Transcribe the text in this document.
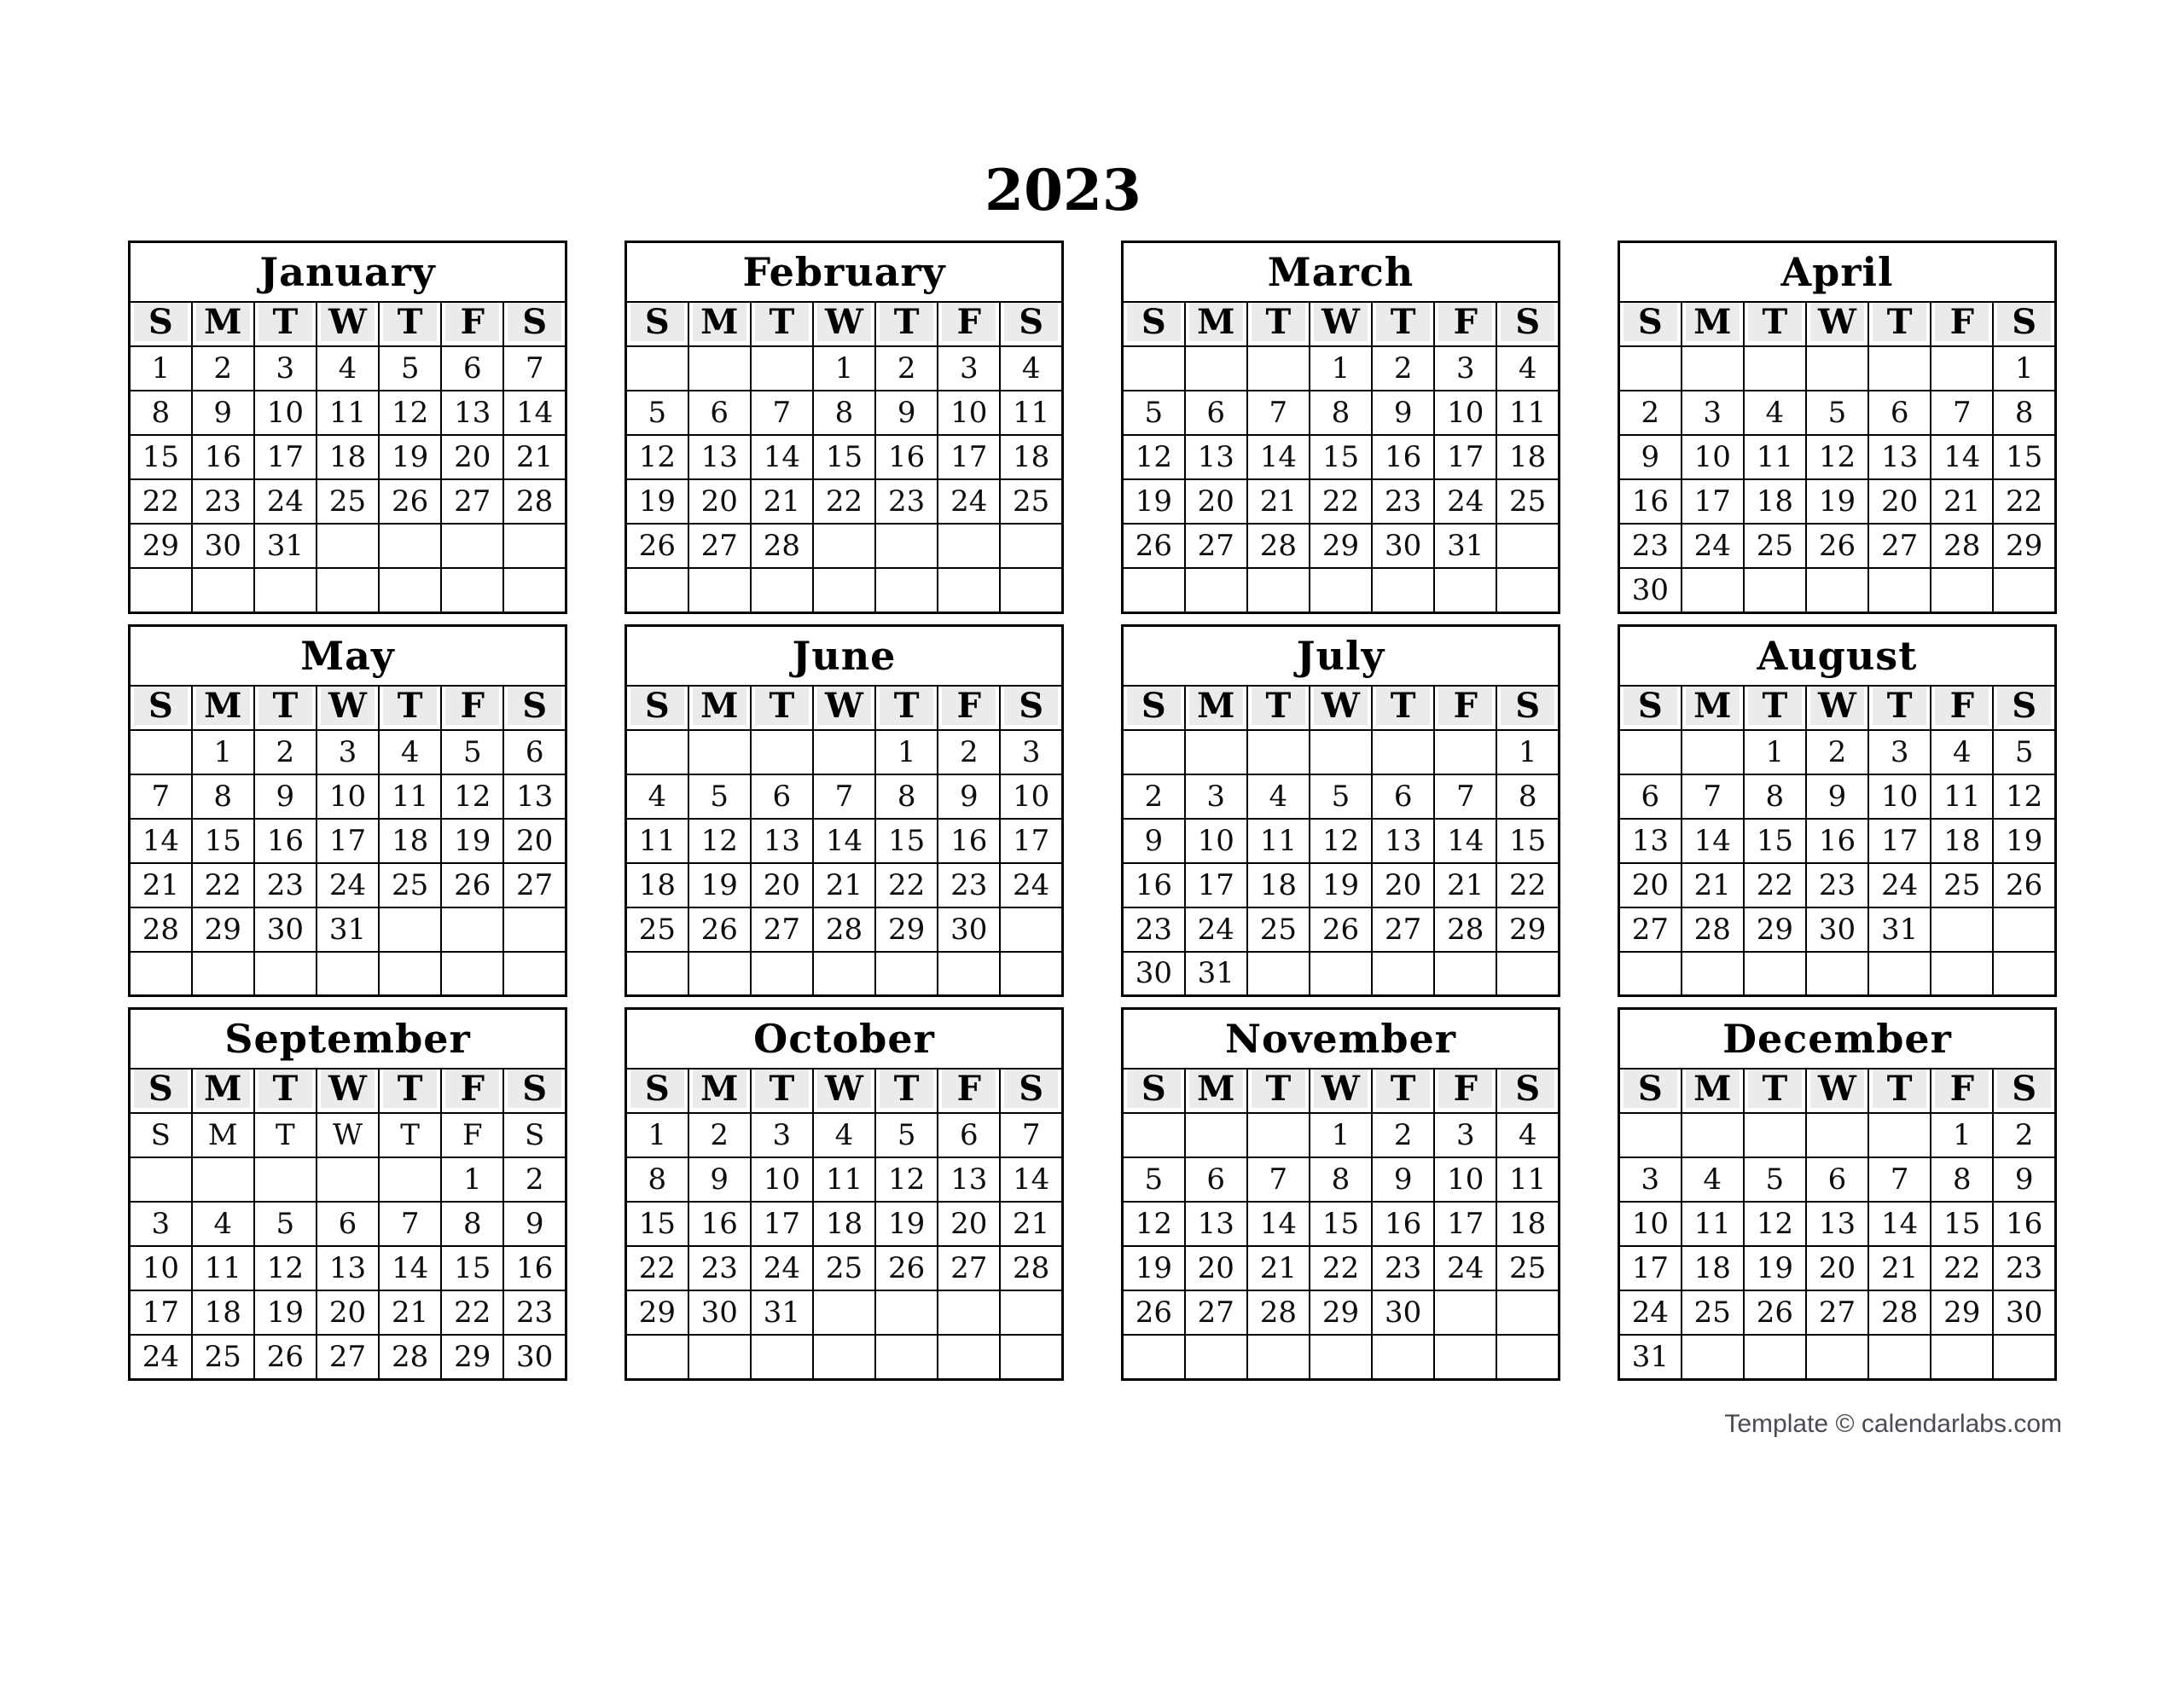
2023
January						

S	M	T	W	T	F	S

1	2	3	4	5	6	7
8	9	10	11	12	13	14
15	16	17	18	19	20	21
22	23	24	25	26	27	28
29	30	31				

February						

S	M	T	W	T	F	S

			1	2	3	4
5	6	7	8	9	10	11
12	13	14	15	16	17	18
19	20	21	22	23	24	25
26	27	28				

March						

S	M	T	W	T	F	S

			1	2	3	4
5	6	7	8	9	10	11
12	13	14	15	16	17	18
19	20	21	22	23	24	25
26	27	28	29	30	31	

April						

S	M	T	W	T	F	S

						1
2	3	4	5	6	7	8
9	10	11	12	13	14	15
16	17	18	19	20	21	22
23	24	25	26	27	28	29
30						
May						

S	M	T	W	T	F	S

	1	2	3	4	5	6
7	8	9	10	11	12	13
14	15	16	17	18	19	20
21	22	23	24	25	26	27
28	29	30	31			

June						

S	M	T	W	T	F	S

				1	2	3
4	5	6	7	8	9	10
11	12	13	14	15	16	17
18	19	20	21	22	23	24
25	26	27	28	29	30	

July						

S	M	T	W	T	F	S

						1
2	3	4	5	6	7	8
9	10	11	12	13	14	15
16	17	18	19	20	21	22
23	24	25	26	27	28	29
30	31					
August						

S	M	T	W	T	F	S

		1	2	3	4	5
6	7	8	9	10	11	12
13	14	15	16	17	18	19
20	21	22	23	24	25	26
27	28	29	30	31		

September						

S	M	T	W	T	F	S

S	M	T	W	T	F	S
					1	2
3	4	5	6	7	8	9
10	11	12	13	14	15	16
17	18	19	20	21	22	23
24	25	26	27	28	29	30
October						

S	M	T	W	T	F	S

1	2	3	4	5	6	7
8	9	10	11	12	13	14
15	16	17	18	19	20	21
22	23	24	25	26	27	28
29	30	31				

November						

S	M	T	W	T	F	S

			1	2	3	4
5	6	7	8	9	10	11
12	13	14	15	16	17	18
19	20	21	22	23	24	25
26	27	28	29	30		

December						

S	M	T	W	T	F	S

					1	2
3	4	5	6	7	8	9
10	11	12	13	14	15	16
17	18	19	20	21	22	23
24	25	26	27	28	29	30
31						
Template © calendarlabs.com
